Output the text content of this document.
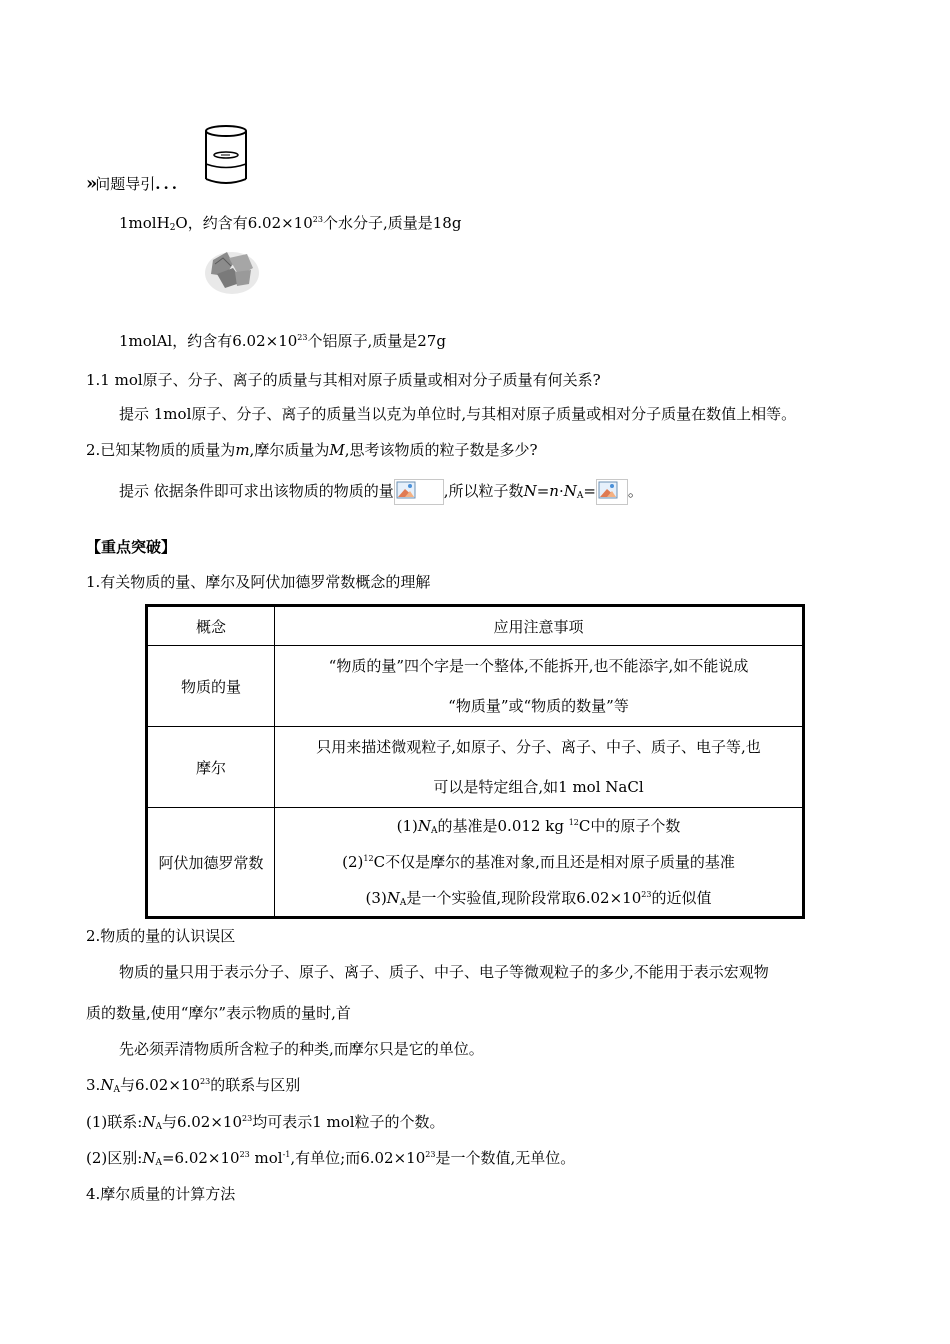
»问题导引...
1molH$_2$O，约含有$6.02\times 10^{23}$个水分子,质量是18g
1molAl，约含有$6.02\times 10^{23}$个铝原子,质量是27g
1.1 mol原子、分子、离子的质量与其相对原子质量或相对分子质量有何关系?
提示 1mol原子、分子、离子的质量当以克为单位时,与其相对原子质量或相对分子质量在数值上相等。
2.已知某物质的质量为m,摩尔质量为M,思考该物质的粒子数是多少?
提示 依据条件即可求出该物质的物质的量	,所以粒子数$N=n\cdot N_A=$ 。
【重点突破】
1.有关物质的量、摩尔及阿伏加德罗常数概念的理解
概念	应用注意事项
物质的量	“物质的量”四个字是一个整体,不能拆开,也不能添字,如不能说成
“物质量”或“物质的数量”等

摩尔	只用来描述微观粒子,如原子、分子、离子、中子、质子、电子等,也
可以是特定组合,如1 mol NaCl

阿伏加德罗常数	$(1)N_A$的基准是0.012 kg $^{12}$C中的原子个数
$(2)^{12}C$不仅是摩尔的基准对象,而且还是相对原子质量的基准
$(3)N_A$是一个实验值,现阶段常取$6.02\times 10^{23}$的近似值
2.物质的量的认识误区
物质的量只用于表示分子、原子、离子、质子、中子、电子等微观粒子的多少,不能用于表示宏观物
质的数量,使用“摩尔”表示物质的量时,首
先必须弄清物质所含粒子的种类,而摩尔只是它的单位。
$3.N_A$与$6.02\times 10^{23}$的联系与区别
(1)联系$:N_A$与$6.02\times 10^{23}$均可表示1 mol粒子的个数。
(2)区别$:N_A=6.02\times 10^{23}$ mol$^{-1}$,有单位;而$6.02\times 10^{23}$是一个数值,无单位。
4.摩尔质量的计算方法
